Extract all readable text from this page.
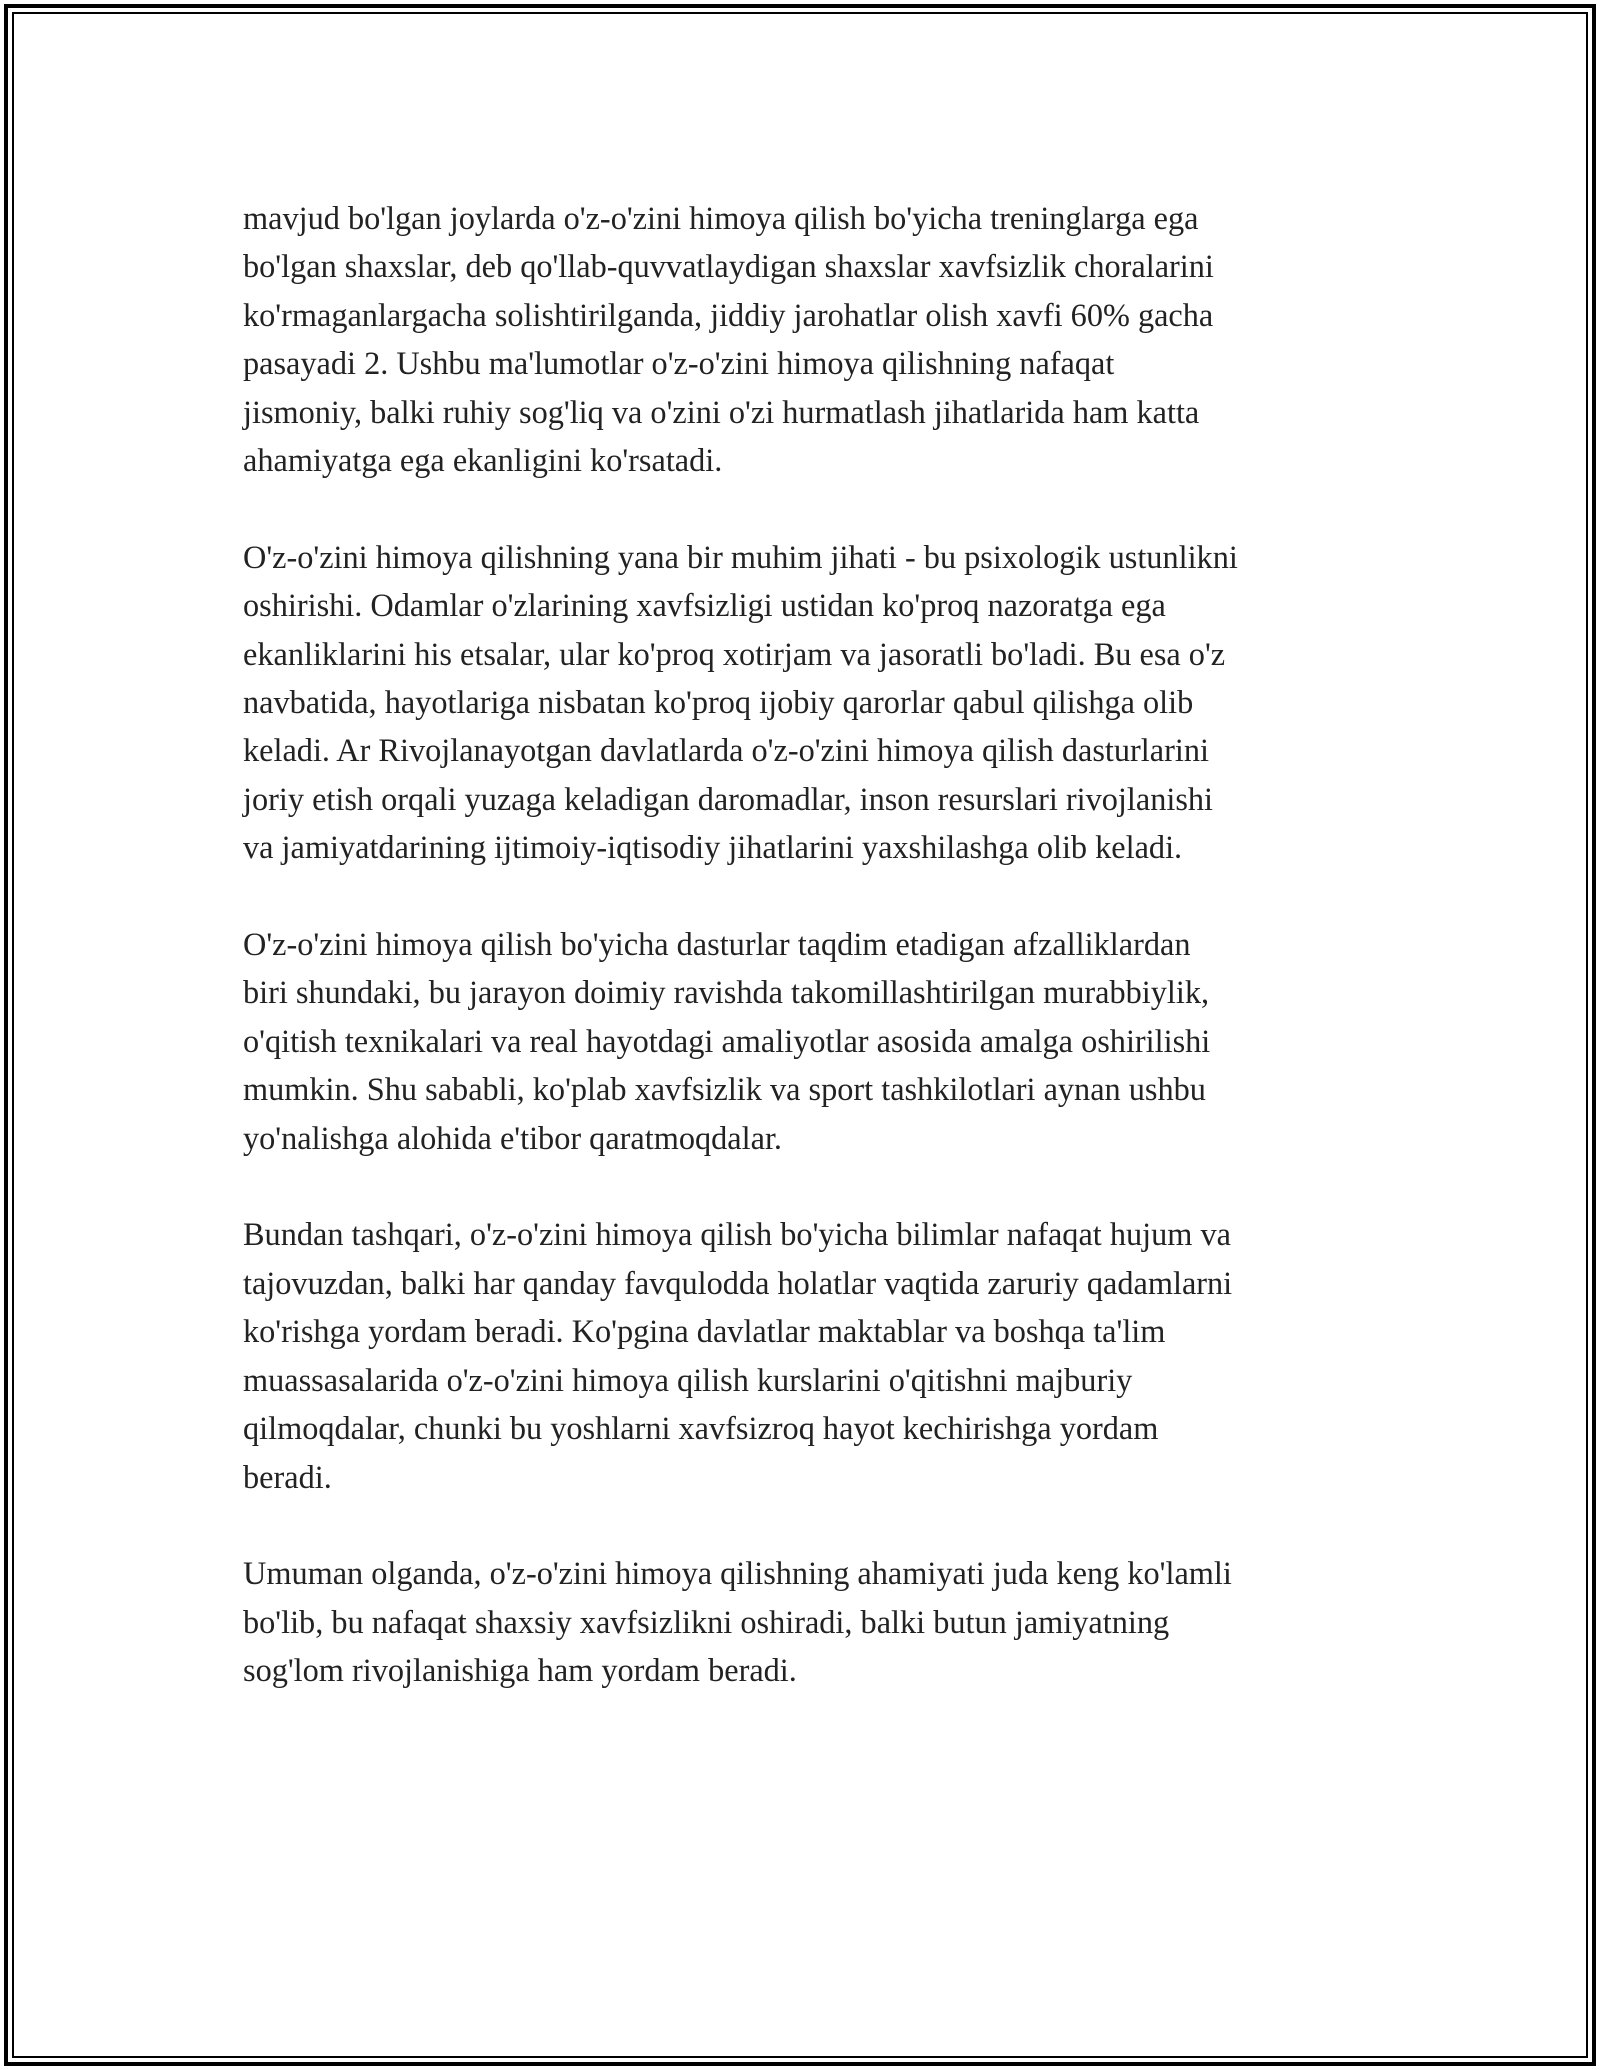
mavjud bo'lgan joylarda o'z-o'zini himoya qilish bo'yicha treninglarga ega
bo'lgan shaxslar, deb qo'llab-quvvatlaydigan shaxslar xavfsizlik choralarini
ko'rmaganlargacha solishtirilganda, jiddiy jarohatlar olish xavfi 60% gacha
pasayadi 2. Ushbu ma'lumotlar o'z-o'zini himoya qilishning nafaqat
jismoniy, balki ruhiy sog'liq va o'zini o'zi hurmatlash jihatlarida ham katta
ahamiyatga ega ekanligini ko'rsatadi.

O'z-o'zini himoya qilishning yana bir muhim jihati - bu psixologik ustunlikni
oshirishi. Odamlar o'zlarining xavfsizligi ustidan ko'proq nazoratga ega
ekanliklarini his etsalar, ular ko'proq xotirjam va jasoratli bo'ladi. Bu esa o'z
navbatida, hayotlariga nisbatan ko'proq ijobiy qarorlar qabul qilishga olib
keladi. Ar Rivojlanayotgan davlatlarda o'z-o'zini himoya qilish dasturlarini
joriy etish orqali yuzaga keladigan daromadlar, inson resurslari rivojlanishi
va jamiyatdarining ijtimoiy-iqtisodiy jihatlarini yaxshilashga olib keladi.

O'z-o'zini himoya qilish bo'yicha dasturlar taqdim etadigan afzalliklardan
biri shundaki, bu jarayon doimiy ravishda takomillashtirilgan murabbiylik,
o'qitish texnikalari va real hayotdagi amaliyotlar asosida amalga oshirilishi
mumkin. Shu sababli, ko'plab xavfsizlik va sport tashkilotlari aynan ushbu
yo'nalishga alohida e'tibor qaratmoqdalar.

Bundan tashqari, o'z-o'zini himoya qilish bo'yicha bilimlar nafaqat hujum va
tajovuzdan, balki har qanday favqulodda holatlar vaqtida zaruriy qadamlarni
ko'rishga yordam beradi. Ko'pgina davlatlar maktablar va boshqa ta'lim
muassasalarida o'z-o'zini himoya qilish kurslarini o'qitishni majburiy
qilmoqdalar, chunki bu yoshlarni xavfsizroq hayot kechirishga yordam
beradi.

Umuman olganda, o'z-o'zini himoya qilishning ahamiyati juda keng ko'lamli
bo'lib, bu nafaqat shaxsiy xavfsizlikni oshiradi, balki butun jamiyatning
sog'lom rivojlanishiga ham yordam beradi.
